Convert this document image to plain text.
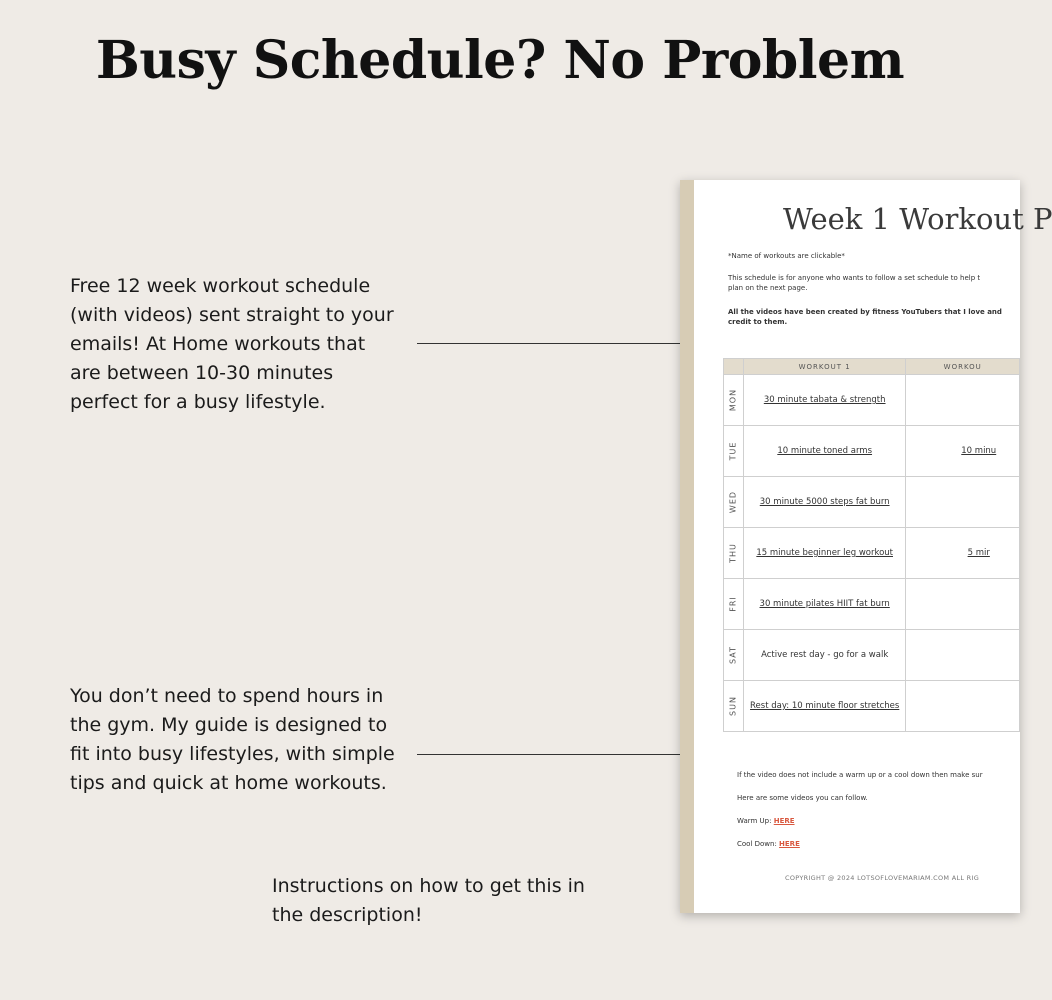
Busy Schedule? No Problem

Free 12 week workout schedule
(with videos) sent straight to your
emails! At Home workouts that
are between 10-30 minutes
perfect for a busy lifestyle.

You don’t need to spend hours in
the gym. My guide is designed to
fit into busy lifestyles, with simple
tips and quick at home workouts.

Instructions on how to get this in
the description!

Week 1 Workout P
*Name of workouts are clickable*
This schedule is for anyone who wants to follow a set schedule to help t
plan on the next page.
All the videos have been created by fitness YouTubers that I love and
credit to them.
	WORKOUT 1	WORKOU

MON	30 minute tabata & strength	

TUE	10 minute toned arms	10 minu

WED	30 minute 5000 steps fat burn	

THU	15 minute beginner leg workout	5 mir

FRI	30 minute pilates HIIT fat burn	

SAT	Active rest day - go for a walk	

SUN	Rest day: 10 minute floor stretches	
If the video does not include a warm up or a cool down then make sur
Here are some videos you can follow.
Warm Up: HERE
Cool Down: HERE
COPYRIGHT @ 2024 LOTSOFLOVEMARIAM.COM ALL RIG
